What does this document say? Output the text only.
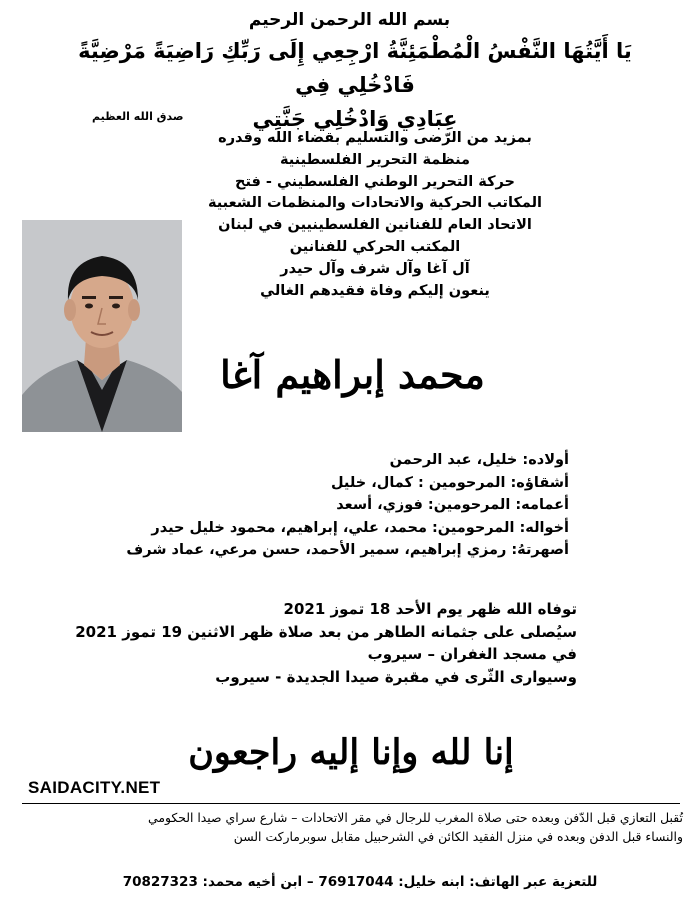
بسم الله الرحمن الرحيم
يَا أَيَّتُهَا النَّفْسُ الْمُطْمَئِنَّةُ ارْجِعِي إِلَى رَبِّكِ رَاضِيَةً مَرْضِيَّةً فَادْخُلِي فِي
عِبَادِي وَادْخُلِي جَنَّتِي
صدق الله العظيم
بمزيد من الرّضى والتسليم بقضاء الله وقدره
منظمة التحرير الفلسطينية
حركة التحرير الوطني الفلسطيني - فتح
المكاتب الحركية والاتحادات والمنظمات الشعبية
الاتحاد العام للفنانين الفلسطينيين في لبنان
المكتب الحركي للفنانين
آل آغا وآل شرف وآل حيدر
ينعون إليكم وفاة فقيدهم الغالي
محمد إبراهيم آغا
أولاده: خليل، عبد الرحمن
أشقاؤه: المرحومين : كمال، خليل
أعمامه: المرحومين: فوزي، أسعد
أخواله: المرحومين: محمد، علي، إبراهيم، محمود خليل حيدر
أصهرتهُ: رمزي إبراهيم، سمير الأحمد، حسن مرعي، عماد شرف
توفاه الله ظهر يوم الأحد 18 تموز 2021
سيُصلى على جثمانه الطاهر من بعد صلاة ظهر الاثنين 19 تموز 2021
في مسجد الغفران – سيروب
وسيوارى الثّرى في مقبرة صيدا الجديدة - سيروب
إنا لله وإنا إليه راجعون
SAIDACITY.NET
تُقبل التعازي قبل الدّفن وبعده حتى صلاة المغرب للرجال في مقر الاتحادات – شارع سراي صيدا الحكومي
والنساء قبل الدفن وبعده في منزل الفقيد الكائن في الشرحبيل مقابل سوبرماركت السن
للتعزية عبر الهاتف: ابنه خليل: 76917044 – ابن أخيه محمد: 70827323
